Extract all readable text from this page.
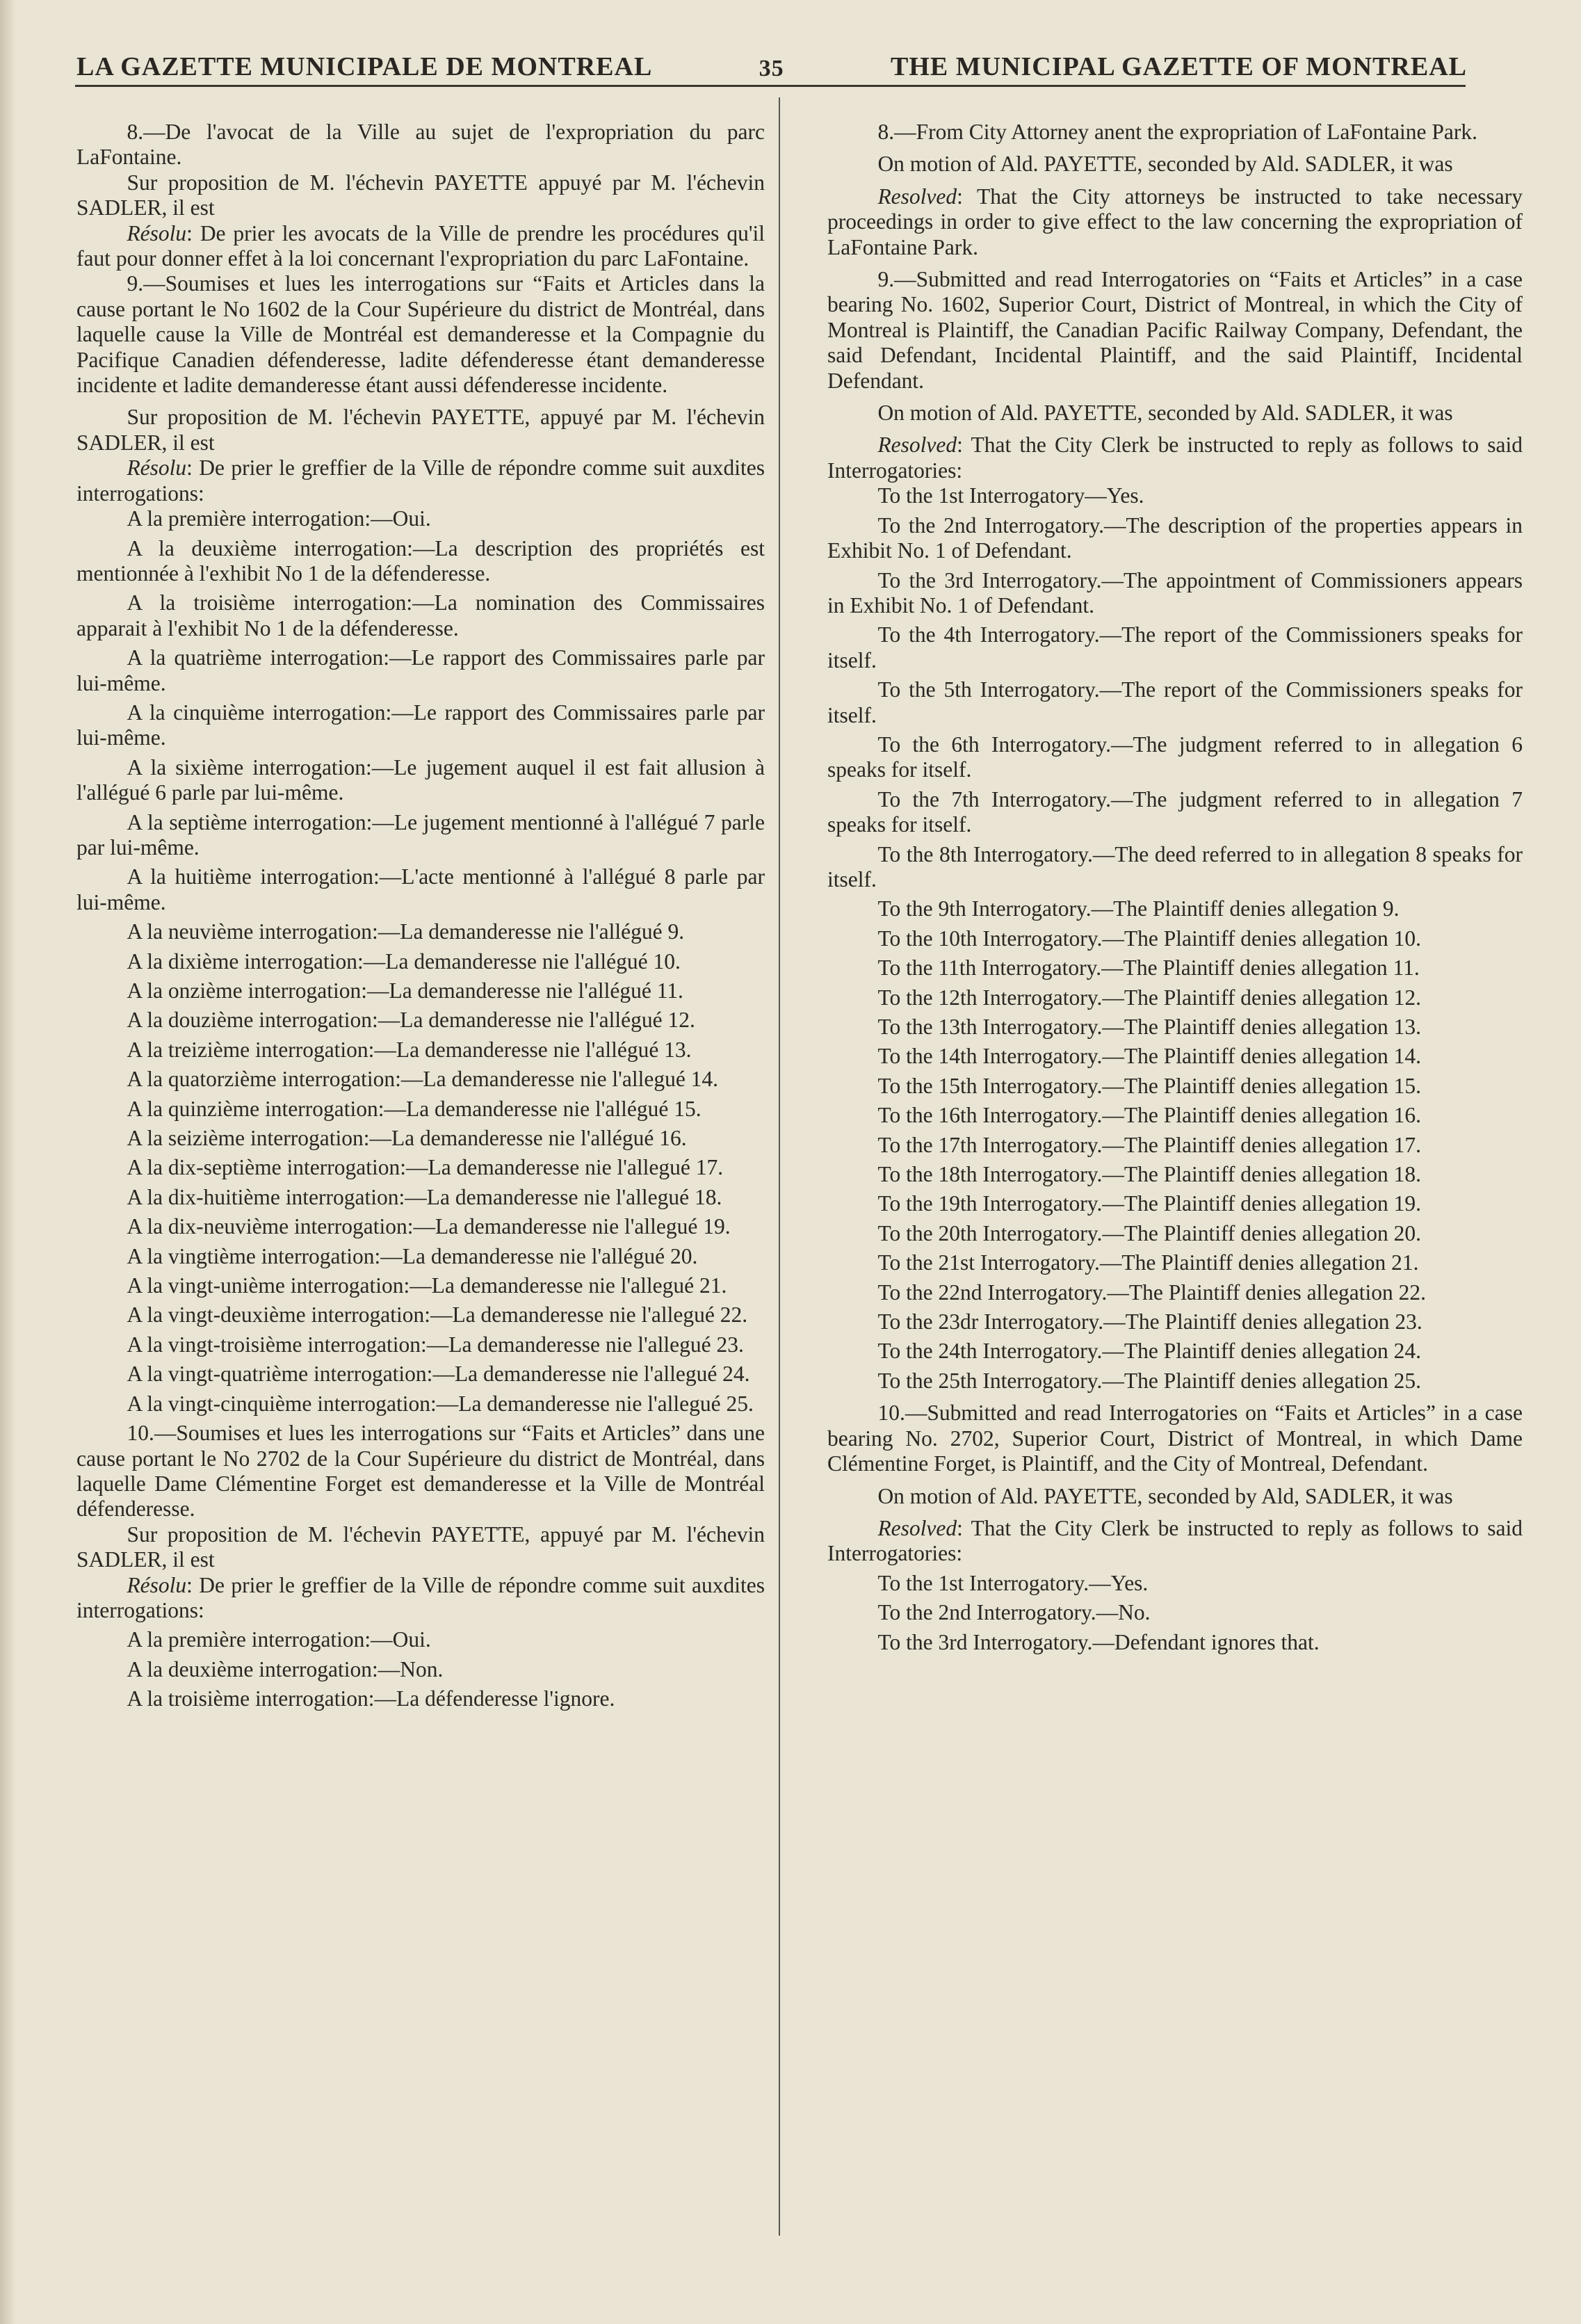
LA GAZETTE MUNICIPALE DE MONTREAL	35	THE MUNICIPAL GAZETTE OF MONTREAL

8.—De l'avocat de la Ville au sujet de l'expropriation du parc LaFontaine.

Sur proposition de M. l'échevin PAYETTE appuyé par M. l'échevin SADLER, il est

Résolu: De prier les avocats de la Ville de prendre les procédures qu'il faut pour donner effet à la loi concernant l'expropriation du parc LaFontaine.

9.—Soumises et lues les interrogations sur “Faits et Articles dans la cause portant le No 1602 de la Cour Supérieure du district de Montréal, dans laquelle cause la Ville de Montréal est demanderesse et la Compagnie du Pacifique Canadien défenderesse, ladite défenderesse étant demanderesse incidente et ladite demanderesse étant aussi défenderesse incidente.

Sur proposition de M. l'échevin PAYETTE, appuyé par M. l'échevin SADLER, il est

Résolu: De prier le greffier de la Ville de répondre comme suit auxdites interrogations:

A la première interrogation:—Oui.

A la deuxième interrogation:—La description des propriétés est mentionnée à l'exhibit No 1 de la défenderesse.

A la troisième interrogation:—La nomination des Commissaires apparait à l'exhibit No 1 de la défenderesse.

A la quatrième interrogation:—Le rapport des Commissaires parle par lui-même.

A la cinquième interrogation:—Le rapport des Commissaires parle par lui-même.

A la sixième interrogation:—Le jugement auquel il est fait allusion à l'allégué 6 parle par lui-même.

A la septième interrogation:—Le jugement mentionné à l'allégué 7 parle par lui-même.

A la huitième interrogation:—L'acte mentionné à l'allégué 8 parle par lui-même.

A la neuvième interrogation:—La demanderesse nie l'allégué 9.

A la dixième interrogation:—La demanderesse nie l'allégué 10.

A la onzième interrogation:—La demanderesse nie l'allégué 11.

A la douzième interrogation:—La demanderesse nie l'allégué 12.

A la treizième interrogation:—La demanderesse nie l'allégué 13.

A la quatorzième interrogation:—La demanderesse nie l'allegué 14.

A la quinzième interrogation:—La demanderesse nie l'allégué 15.

A la seizième interrogation:—La demanderesse nie l'allégué 16.

A la dix-septième interrogation:—La demanderesse nie l'allegué 17.

A la dix-huitième interrogation:—La demanderesse nie l'allegué 18.

A la dix-neuvième interrogation:—La demanderesse nie l'allegué 19.

A la vingtième interrogation:—La demanderesse nie l'allégué 20.

A la vingt-unième interrogation:—La demanderesse nie l'allegué 21.

A la vingt-deuxième interrogation:—La demanderesse nie l'allegué 22.

A la vingt-troisième interrogation:—La demanderesse nie l'allegué 23.

A la vingt-quatrième interrogation:—La demanderesse nie l'allegué 24.

A la vingt-cinquième interrogation:—La demanderesse nie l'allegué 25.

10.—Soumises et lues les interrogations sur “Faits et Articles” dans une cause portant le No 2702 de la Cour Supérieure du district de Montréal, dans laquelle Dame Clémentine Forget est demanderesse et la Ville de Montréal défenderesse.

Sur proposition de M. l'échevin PAYETTE, appuyé par M. l'échevin SADLER, il est

Résolu: De prier le greffier de la Ville de répondre comme suit auxdites interrogations:

A la première interrogation:—Oui.

A la deuxième interrogation:—Non.

A la troisième interrogation:—La défenderesse l'ignore.

8.—From City Attorney anent the expropriation of LaFontaine Park.

On motion of Ald. PAYETTE, seconded by Ald. SADLER, it was

Resolved: That the City attorneys be instructed to take necessary proceedings in order to give effect to the law concerning the expropriation of LaFontaine Park.

9.—Submitted and read Interrogatories on “Faits et Articles” in a case bearing No. 1602, Superior Court, District of Montreal, in which the City of Montreal is Plaintiff, the Canadian Pacific Railway Company, Defendant, the said Defendant, Incidental Plaintiff, and the said Plaintiff, Incidental Defendant.

On motion of Ald. PAYETTE, seconded by Ald. SADLER, it was

Resolved: That the City Clerk be instructed to reply as follows to said Interrogatories:

To the 1st Interrogatory—Yes.

To the 2nd Interrogatory.—The description of the properties appears in Exhibit No. 1 of Defendant.

To the 3rd Interrogatory.—The appointment of Commissioners appears in Exhibit No. 1 of Defendant.

To the 4th Interrogatory.—The report of the Commissioners speaks for itself.

To the 5th Interrogatory.—The report of the Commissioners speaks for itself.

To the 6th Interrogatory.—The judgment referred to in allegation 6 speaks for itself.

To the 7th Interrogatory.—The judgment referred to in allegation 7 speaks for itself.

To the 8th Interrogatory.—The deed referred to in allegation 8 speaks for itself.

To the 9th Interrogatory.—The Plaintiff denies allegation 9.

To the 10th Interrogatory.—The Plaintiff denies allegation 10.

To the 11th Interrogatory.—The Plaintiff denies allegation 11.

To the 12th Interrogatory.—The Plaintiff denies allegation 12.

To the 13th Interrogatory.—The Plaintiff denies allegation 13.

To the 14th Interrogatory.—The Plaintiff denies allegation 14.

To the 15th Interrogatory.—The Plaintiff denies allegation 15.

To the 16th Interrogatory.—The Plaintiff denies allegation 16.

To the 17th Interrogatory.—The Plaintiff denies allegation 17.

To the 18th Interrogatory.—The Plaintiff denies allegation 18.

To the 19th Interrogatory.—The Plaintiff denies allegation 19.

To the 20th Interrogatory.—The Plaintiff denies allegation 20.

To the 21st Interrogatory.—The Plaintiff denies allegation 21.

To the 22nd Interrogatory.—The Plaintiff denies allegation 22.

To the 23dr Interrogatory.—The Plaintiff denies allegation 23.

To the 24th Interrogatory.—The Plaintiff denies allegation 24.

To the 25th Interrogatory.—The Plaintiff denies allegation 25.

10.—Submitted and read Interrogatories on “Faits et Articles” in a case bearing No. 2702, Superior Court, District of Montreal, in which Dame Clémentine Forget, is Plaintiff, and the City of Montreal, Defendant.

On motion of Ald. PAYETTE, seconded by Ald, SADLER, it was

Resolved: That the City Clerk be instructed to reply as follows to said Interrogatories:

To the 1st Interrogatory.—Yes.

To the 2nd Interrogatory.—No.

To the 3rd Interrogatory.—Defendant ignores that.
